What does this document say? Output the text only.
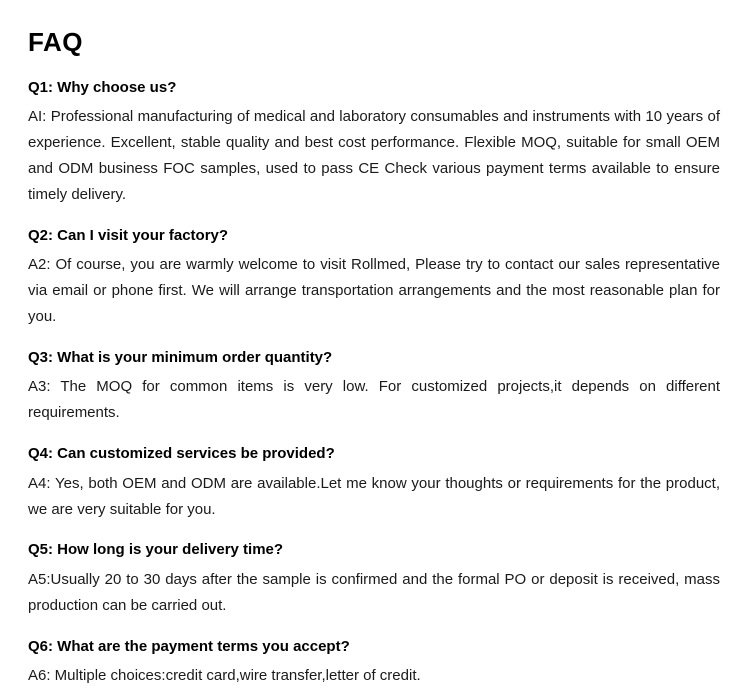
FAQ

Q1: Why choose us?

AI: Professional manufacturing of medical and laboratory consumables and instruments with 10 years of experience. Excellent, stable quality and best cost performance. Flexible MOQ, suitable for small OEM and ODM business FOC samples, used to pass CE Check various payment terms available to ensure timely delivery.

Q2: Can I visit your factory?

A2: Of course, you are warmly welcome to visit Rollmed, Please try to contact our sales representative via email or phone first. We will arrange transportation arrangements and the most reasonable plan for you.

Q3: What is your minimum order quantity?

A3: The MOQ for common items is very low. For customized projects,it depends on different requirements.

Q4: Can customized services be provided?

A4: Yes, both OEM and ODM are available.Let me know your thoughts or requirements for the product, we are very suitable for you.

Q5: How long is your delivery time?

A5:Usually 20 to 30 days after the sample is confirmed and the formal PO or deposit is received, mass production can be carried out.

Q6: What are the payment terms you accept?

A6: Multiple choices:credit card,wire transfer,letter of credit.
